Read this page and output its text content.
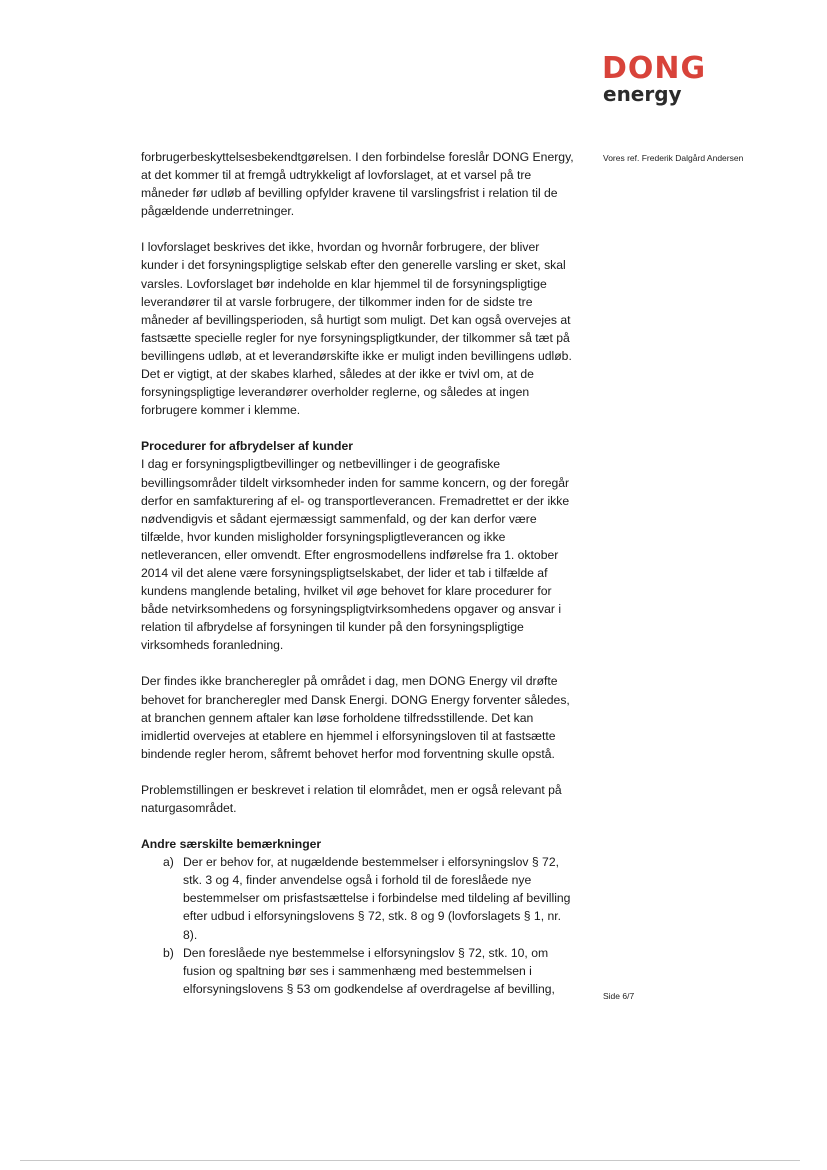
DONG
energy
Vores ref. Frederik Dalgård Andersen

forbrugerbeskyttelsesbekendtgørelsen. I den forbindelse foreslår DONG Energy, at det kommer til at fremgå udtrykkeligt af lovforslaget, at et varsel på tre måneder før udløb af bevilling opfylder kravene til varslingsfrist i relation til de pågældende underretninger.

I lovforslaget beskrives det ikke, hvordan og hvornår forbrugere, der bliver kunder i det forsyningspligtige selskab efter den generelle varsling er sket, skal varsles. Lovforslaget bør indeholde en klar hjemmel til de forsyningspligtige leverandører til at varsle forbrugere, der tilkommer inden for de sidste tre måneder af bevillingsperioden, så hurtigt som muligt. Det kan også overvejes at fastsætte specielle regler for nye forsyningspligtkunder, der tilkommer så tæt på bevillingens udløb, at et leverandørskifte ikke er muligt inden bevillingens udløb. Det er vigtigt, at der skabes klarhed, således at der ikke er tvivl om, at de forsyningspligtige leverandører overholder reglerne, og således at ingen forbrugere kommer i klemme.

Procedurer for afbrydelser af kunder

I dag er forsyningspligtbevillinger og netbevillinger i de geografiske bevillingsområder tildelt virksomheder inden for samme koncern, og der foregår derfor en samfakturering af el- og transportleverancen. Fremadrettet er der ikke nødvendigvis et sådant ejermæssigt sammenfald, og der kan derfor være tilfælde, hvor kunden misligholder forsyningspligtleverancen og ikke netleverancen, eller omvendt. Efter engrosmodellens indførelse fra 1. oktober 2014 vil det alene være forsyningspligtselskabet, der lider et tab i tilfælde af kundens manglende betaling, hvilket vil øge behovet for klare procedurer for både netvirksomhedens og forsyningspligtvirksomhedens opgaver og ansvar i relation til afbrydelse af forsyningen til kunder på den forsyningspligtige virksomheds foranledning.

Der findes ikke brancheregler på området i dag, men DONG Energy vil drøfte behovet for brancheregler med Dansk Energi. DONG Energy forventer således, at branchen gennem aftaler kan løse forholdene tilfredsstillende. Det kan imidlertid overvejes at etablere en hjemmel i elforsyningsloven til at fastsætte bindende regler herom, såfremt behovet herfor mod forventning skulle opstå.

Problemstillingen er beskrevet i relation til elområdet, men er også relevant på naturgasområdet.

Andre særskilte bemærkninger

a) Der er behov for, at nugældende bestemmelser i elforsyningslov § 72, stk. 3 og 4, finder anvendelse også i forhold til de foreslåede nye bestemmelser om prisfastsættelse i forbindelse med tildeling af bevilling efter udbud i elforsyningslovens § 72, stk. 8 og 9 (lovforslagets § 1, nr. 8).
b) Den foreslåede nye bestemmelse i elforsyningslov § 72, stk. 10, om fusion og spaltning bør ses i sammenhæng med bestemmelsen i elforsyningslovens § 53 om godkendelse af overdragelse af bevilling,
Side 6/7
